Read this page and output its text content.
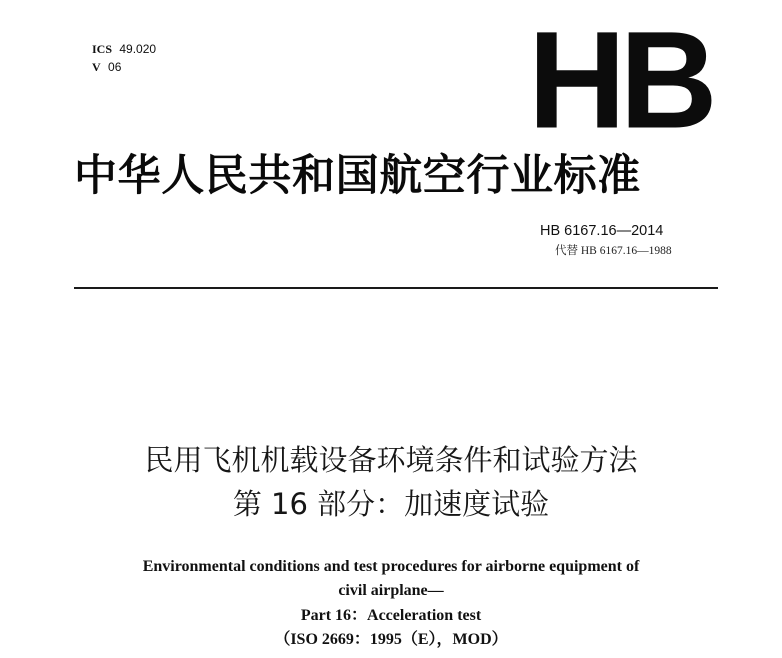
ICS 49.020
V 06	HB
中华人民共和国航空行业标准
HB 6167.16—2014
代替 HB 6167.16—1988
民用飞机机载设备环境条件和试验方法
第 16 部分：加速度试验
Environmental conditions and test procedures for airborne equipment of
civil airplane—
Part 16：Acceleration test
（ISO 2669：1995（E），MOD）
